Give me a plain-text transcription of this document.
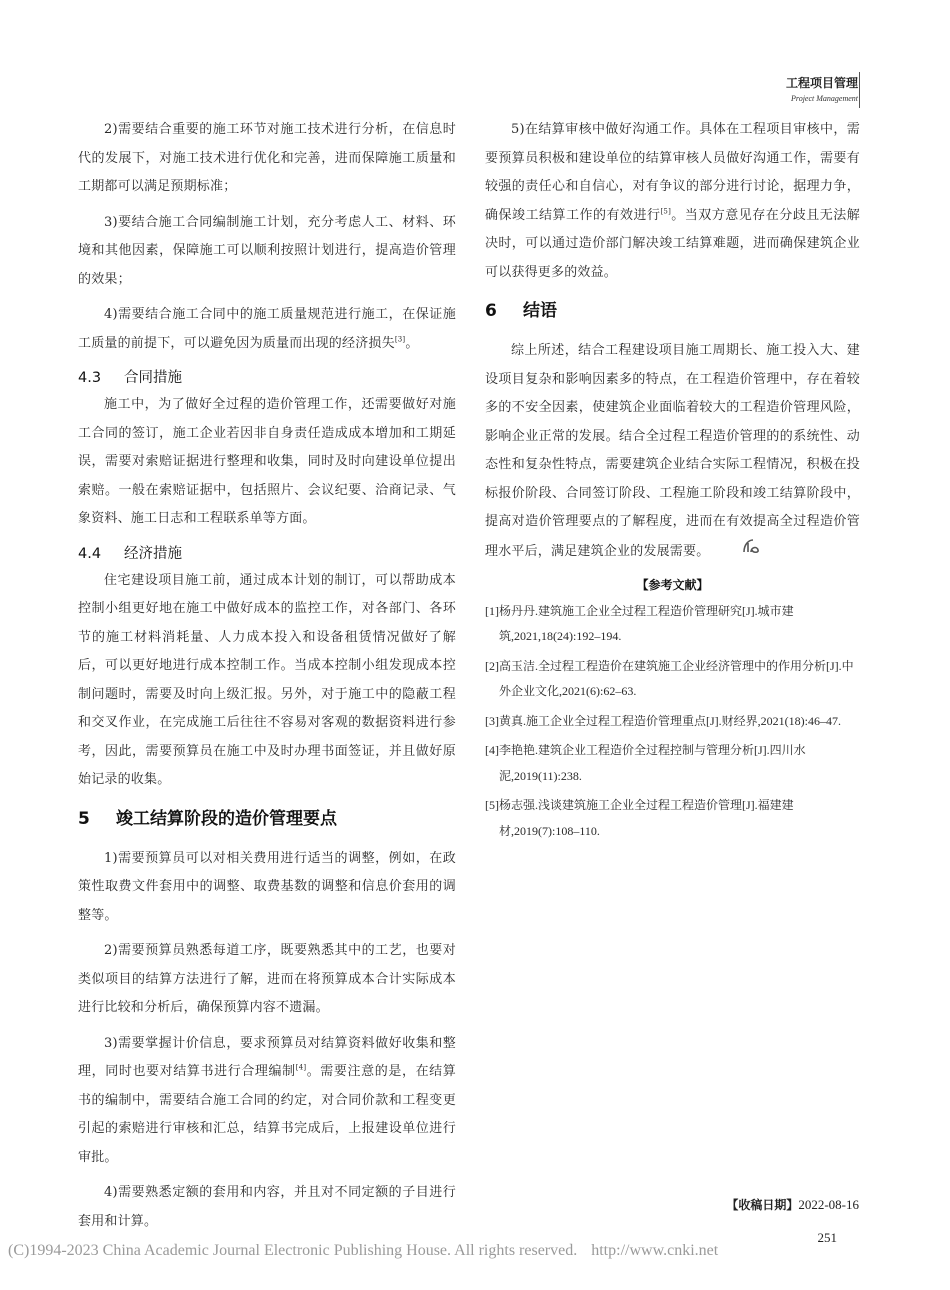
工程项目管理
Project Management

2)需要结合重要的施工环节对施工技术进行分析，在信息时代的发展下，对施工技术进行优化和完善，进而保障施工质量和工期都可以满足预期标准；

3)要结合施工合同编制施工计划，充分考虑人工、材料、环境和其他因素，保障施工可以顺利按照计划进行，提高造价管理的效果；

4)需要结合施工合同中的施工质量规范进行施工，在保证施工质量的前提下，可以避免因为质量而出现的经济损失[3]。

4.3 合同措施

施工中，为了做好全过程的造价管理工作，还需要做好对施工合同的签订，施工企业若因非自身责任造成成本增加和工期延误，需要对索赔证据进行整理和收集，同时及时向建设单位提出索赔。一般在索赔证据中，包括照片、会议纪要、洽商记录、气象资料、施工日志和工程联系单等方面。

4.4 经济措施

住宅建设项目施工前，通过成本计划的制订，可以帮助成本控制小组更好地在施工中做好成本的监控工作，对各部门、各环节的施工材料消耗量、人力成本投入和设备租赁情况做好了解后，可以更好地进行成本控制工作。当成本控制小组发现成本控制问题时，需要及时向上级汇报。另外，对于施工中的隐蔽工程和交叉作业，在完成施工后往往不容易对客观的数据资料进行参考，因此，需要预算员在施工中及时办理书面签证，并且做好原始记录的收集。

5 竣工结算阶段的造价管理要点

1)需要预算员可以对相关费用进行适当的调整，例如，在政策性取费文件套用中的调整、取费基数的调整和信息价套用的调整等。

2)需要预算员熟悉每道工序，既要熟悉其中的工艺，也要对类似项目的结算方法进行了解，进而在将预算成本合计实际成本进行比较和分析后，确保预算内容不遗漏。

3)需要掌握计价信息，要求预算员对结算资料做好收集和整理，同时也要对结算书进行合理编制[4]。需要注意的是，在结算书的编制中，需要结合施工合同的约定，对合同价款和工程变更引起的索赔进行审核和汇总，结算书完成后，上报建设单位进行审批。

4)需要熟悉定额的套用和内容，并且对不同定额的子目进行套用和计算。

5)在结算审核中做好沟通工作。具体在工程项目审核中，需要预算员积极和建设单位的结算审核人员做好沟通工作，需要有较强的责任心和自信心，对有争议的部分进行讨论，据理力争，确保竣工结算工作的有效进行[5]。当双方意见存在分歧且无法解决时，可以通过造价部门解决竣工结算难题，进而确保建筑企业可以获得更多的效益。

6 结语

综上所述，结合工程建设项目施工周期长、施工投入大、建设项目复杂和影响因素多的特点，在工程造价管理中，存在着较多的不安全因素，使建筑企业面临着较大的工程造价管理风险，影响企业正常的发展。结合全过程工程造价管理的的系统性、动态性和复杂性特点，需要建筑企业结合实际工程情况，积极在投标报价阶段、合同签订阶段、工程施工阶段和竣工结算阶段中，提高对造价管理要点的了解程度，进而在有效提高全过程造价管理水平后，满足建筑企业的发展需要。

【参考文献】

[1]杨丹丹.建筑施工企业全过程工程造价管理研究[J].城市建筑,2021,18(24):192–194.

[2]高玉洁.全过程工程造价在建筑施工企业经济管理中的作用分析[J].中外企业文化,2021(6):62–63.

[3]黄真.施工企业全过程工程造价管理重点[J].财经界,2021(18):46–47.

[4]李艳艳.建筑企业工程造价全过程控制与管理分析[J].四川水泥,2019(11):238.

[5]杨志强.浅谈建筑施工企业全过程工程造价管理[J].福建建材,2019(7):108–110.

【收稿日期】2022-08-16
251
(C)1994-2023 China Academic Journal Electronic Publishing House. All rights reserved. http://www.cnki.net
